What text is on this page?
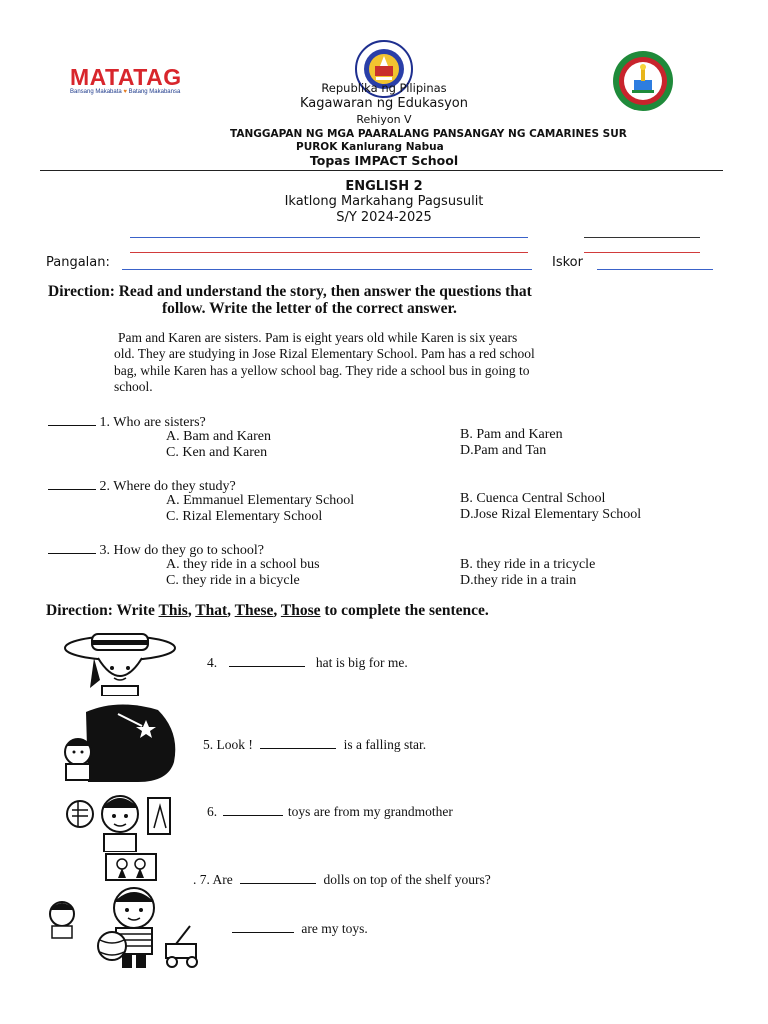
MATATAG
Bansang Makabata ♥ Batang Makabansa	Republika ng Pilipinas
Kagawaran ng Edukasyon
Rehiyon V
TANGGAPAN NG MGA PAARALANG PANSANGAY NG CAMARINES SUR
PUROK Kanlurang Nabua
Topas IMPACT School
ENGLISH 2
Ikatlong Markahang Pagsusulit
S/Y 2024-2025
Pangalan:	Iskor
Direction: Read and understand the story, then answer the questions that
follow. Write the letter of the correct answer.
Pam and Karen are sisters. Pam is eight years old while Karen is six years
old. They are studying in Jose Rizal Elementary School. Pam has a red school
bag, while Karen has a yellow school bag. They ride a school bus in going to
school.
1. Who are sisters?
A. Bam and Karen	B. Pam and Karen
C. Ken and Karen	D.Pam and Tan
2. Where do they study?
A. Emmanuel Elementary School	B. Cuenca Central School
C. Rizal Elementary School	D.Jose Rizal Elementary School
3. How do they go to school?
A. they ride in a school bus	B. they ride in a tricycle
C. they ride in a bicycle	D.they ride in a train
Direction: Write This, That, These, Those to complete the sentence.
4.	hat is big for me.
5. Look !	is a falling star.
6.	toys are from my grandmother
. 7. Are	dolls on top of the shelf yours?
are my toys.
